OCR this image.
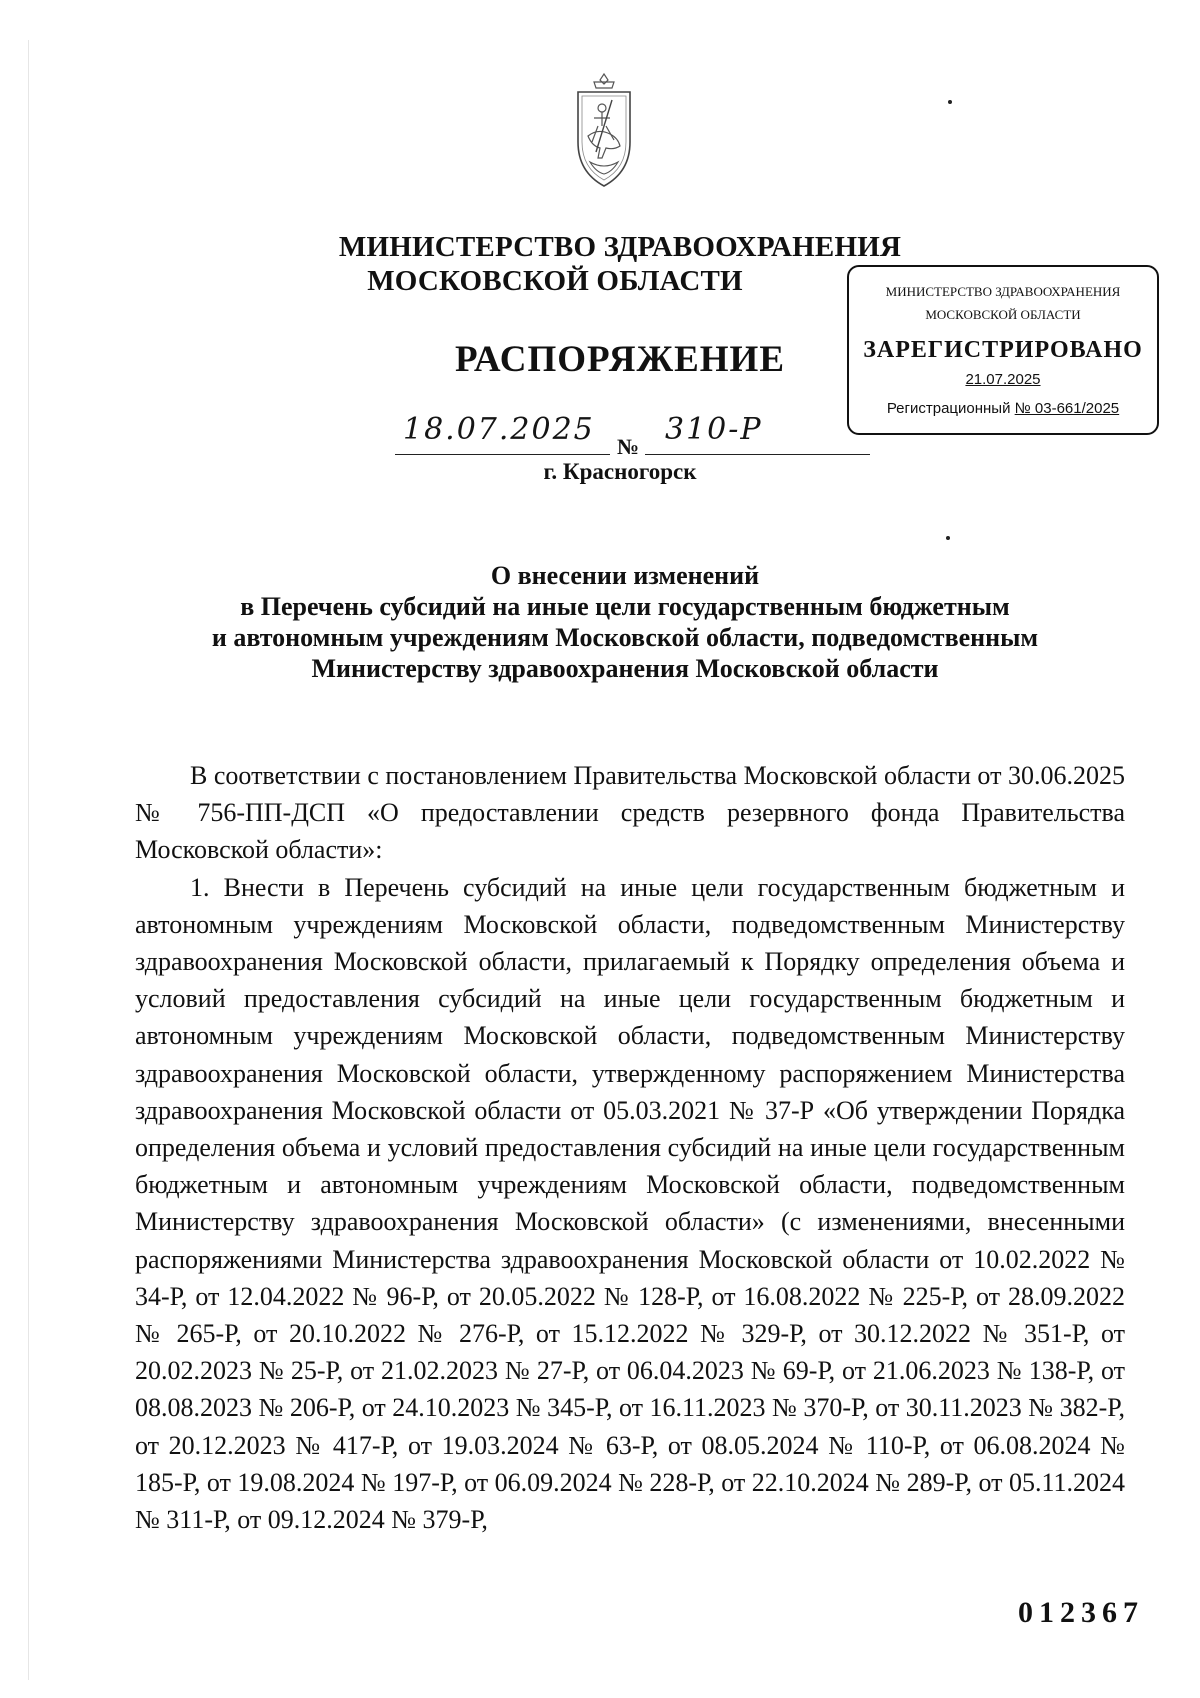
МИНИСТЕРСТВО ЗДРАВООХРАНЕНИЯ
МОСКОВСКОЙ ОБЛАСТИ	МИНИСТЕРСТВО ЗДРАВООХРАНЕНИЯ
МОСКОВСКОЙ ОБЛАСТИ
ЗАРЕГИСТРИРОВАНО
21.07.2025
Регистрационный № 03-661/2025
РАСПОРЯЖЕНИЕ
18.07.2025 № 310-Р
г. Красногорск
О внесении изменений
в Перечень субсидий на иные цели государственным бюджетным
и автономным учреждениям Московской области, подведомственным
Министерству здравоохранения Московской области

В соответствии с постановлением Правительства Московской области от 30.06.2025 № 756-ПП-ДСП «О предоставлении средств резервного фонда Правительства Московской области»:

1. Внести в Перечень субсидий на иные цели государственным бюджетным и автономным учреждениям Московской области, подведомственным Министерству здравоохранения Московской области, прилагаемый к Порядку определения объема и условий предоставления субсидий на иные цели государственным бюджетным и автономным учреждениям Московской области, подведомственным Министерству здравоохранения Московской области, утвержденному распоряжением Министерства здравоохранения Московской области от 05.03.2021 № 37-Р «Об утверждении Порядка определения объема и условий предоставления субсидий на иные цели государственным бюджетным и автономным учреждениям Московской области, подведомственным Министерству здравоохранения Московской области» (с изменениями, внесенными распоряжениями Министерства здравоохранения Московской области от 10.02.2022 № 34-Р, от 12.04.2022 № 96-Р, от 20.05.2022 № 128-Р, от 16.08.2022 № 225-Р, от 28.09.2022 № 265-Р, от 20.10.2022 № 276-Р, от 15.12.2022 № 329-Р, от 30.12.2022 № 351-Р, от 20.02.2023 № 25-Р, от 21.02.2023 № 27-Р, от 06.04.2023 № 69-Р, от 21.06.2023 № 138-Р, от 08.08.2023 № 206-Р, от 24.10.2023 № 345-Р, от 16.11.2023 № 370-Р, от 30.11.2023 № 382-Р, от 20.12.2023 № 417-Р, от 19.03.2024 № 63-Р, от 08.05.2024 № 110-Р, от 06.08.2024 № 185-Р, от 19.08.2024 № 197-Р, от 06.09.2024 № 228-Р, от 22.10.2024 № 289-Р, от 05.11.2024 № 311-Р, от 09.12.2024 № 379-Р,

012367
